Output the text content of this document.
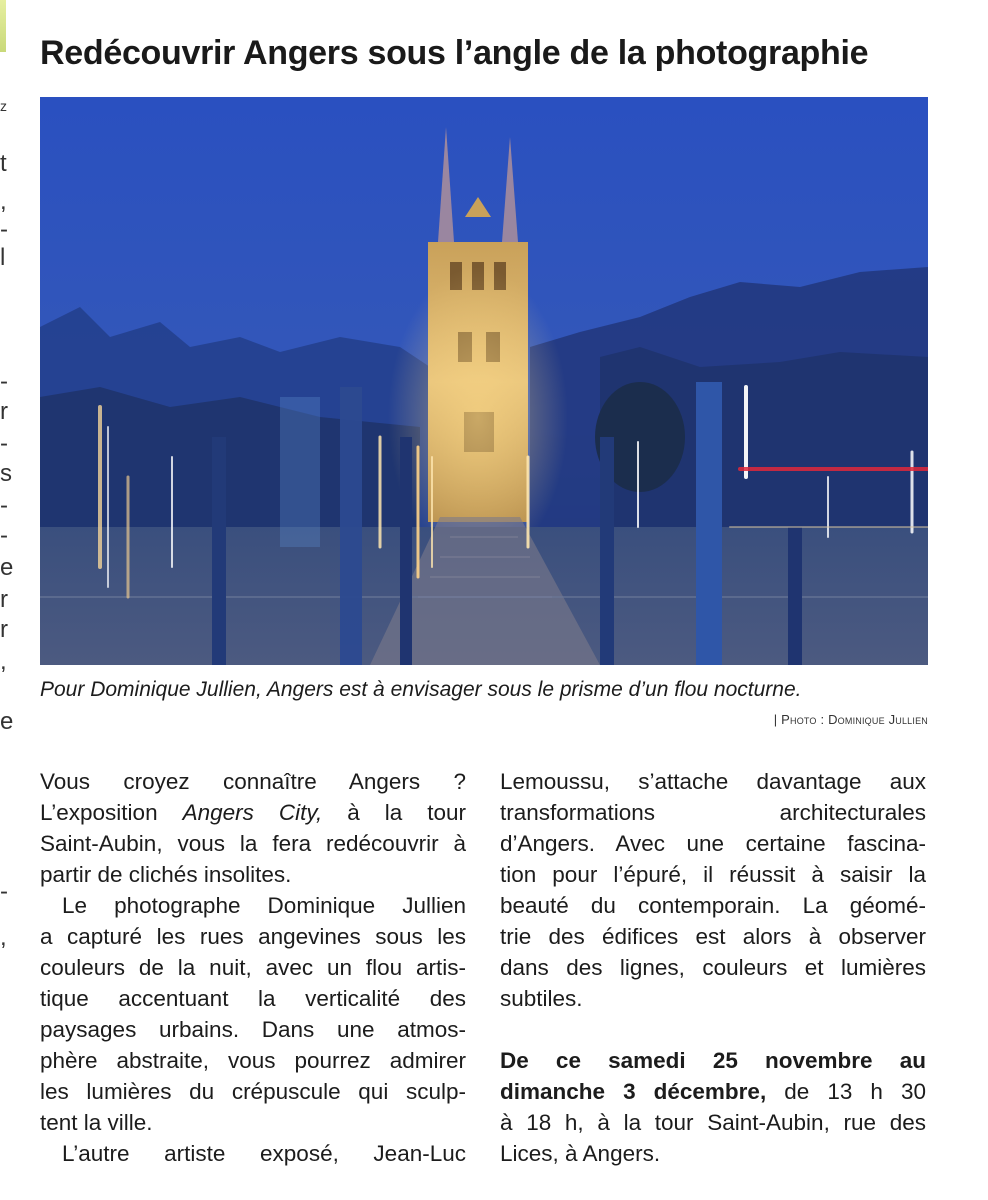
z
t
,
-
l
-
r
-
s
-
-
e
r
r
,
e
-
,
Redécouvrir Angers sous l’angle de la photographie
Pour Dominique Jullien, Angers est à envisager sous le prisme d’un flou nocturne.
| Photo : Dominique Jullien
Vous croyez connaître Angers ?
L’exposition Angers City, à la tour
Saint-Aubin, vous la fera redécouvrir à
partir de clichés insolites.
Le photographe Dominique Jullien
a capturé les rues angevines sous les
couleurs de la nuit, avec un flou artis-
tique accentuant la verticalité des
paysages urbains. Dans une atmos-
phère abstraite, vous pourrez admirer
les lumières du crépuscule qui sculp-
tent la ville.
L’autre artiste exposé, Jean-Luc
Lemoussu, s’attache davantage aux
transformations architecturales
d’Angers. Avec une certaine fascina-
tion pour l’épuré, il réussit à saisir la
beauté du contemporain. La géomé-
trie des édifices est alors à observer
dans des lignes, couleurs et lumières
subtiles.
De ce samedi 25 novembre au
dimanche 3 décembre, de 13 h 30
à 18 h, à la tour Saint-Aubin, rue des
Lices, à Angers.
